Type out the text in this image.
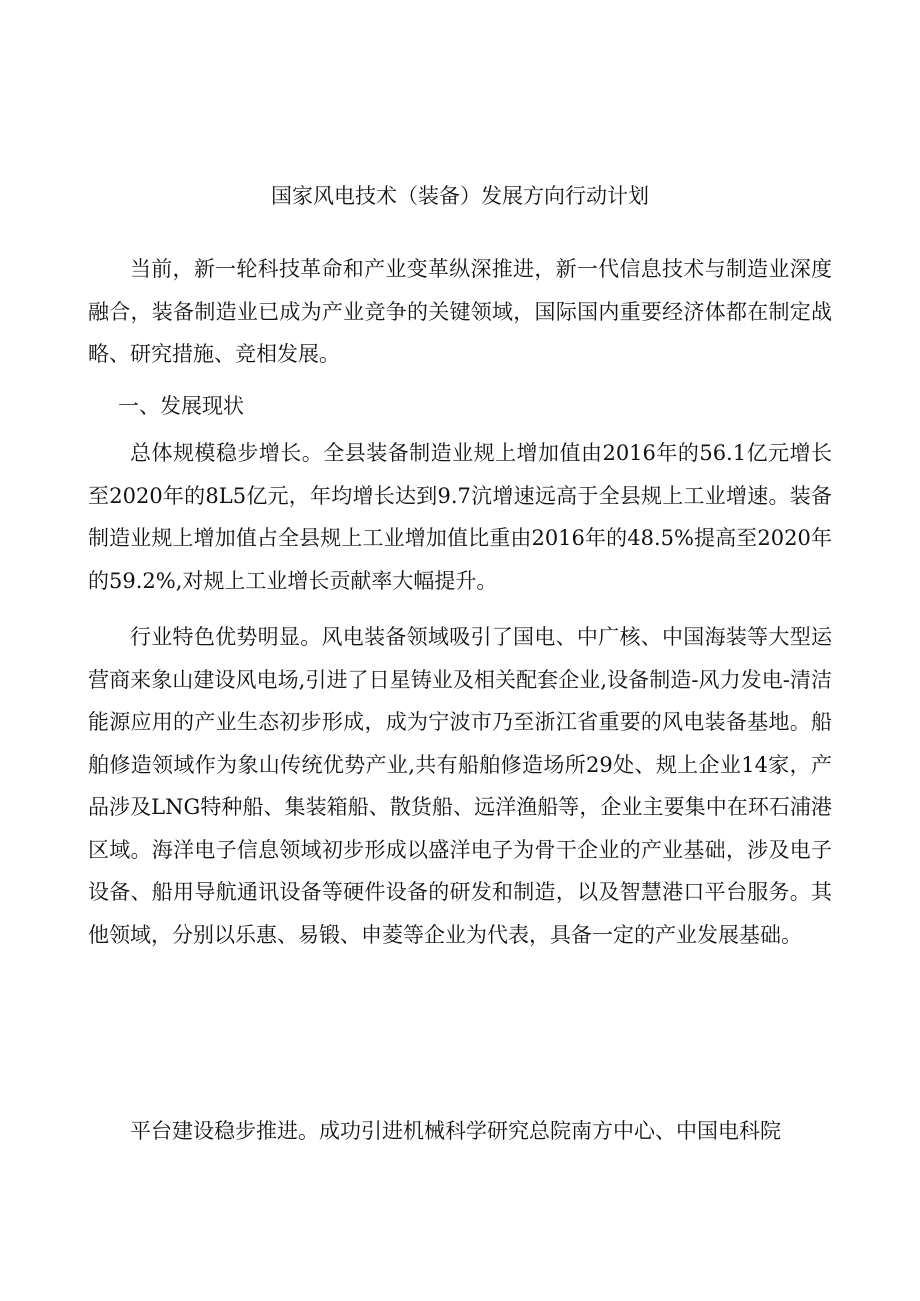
国家风电技术（装备）发展方向行动计划

当前，新一轮科技革命和产业变革纵深推进，新一代信息技术与制造业深度融合，装备制造业已成为产业竞争的关键领域，国际国内重要经济体都在制定战略、研究措施、竞相发展。

一、发展现状

总体规模稳步增长。全县装备制造业规上增加值由2016年的56.1亿元增长至2020年的8L5亿元，年均增长达到9.7沆增速远高于全县规上工业增速。装备制造业规上增加值占全县规上工业增加值比重由2016年的48.5%提高至2020年的59.2%,对规上工业增长贡献率大幅提升。

行业特色优势明显。风电装备领域吸引了国电、中广核、中国海装等大型运营商来象山建设风电场,引进了日星铸业及相关配套企业,设备制造-风力发电-清洁能源应用的产业生态初步形成，成为宁波市乃至浙江省重要的风电装备基地。船舶修造领域作为象山传统优势产业,共有船舶修造场所29处、规上企业14家，产品涉及LNG特种船、集装箱船、散货船、远洋渔船等，企业主要集中在环石浦港区域。海洋电子信息领域初步形成以盛洋电子为骨干企业的产业基础，涉及电子设备、船用导航通讯设备等硬件设备的研发和制造，以及智慧港口平台服务。其他领域，分别以乐惠、易锻、申菱等企业为代表，具备一定的产业发展基础。

平台建设稳步推进。成功引进机械科学研究总院南方中心、中国电科院
